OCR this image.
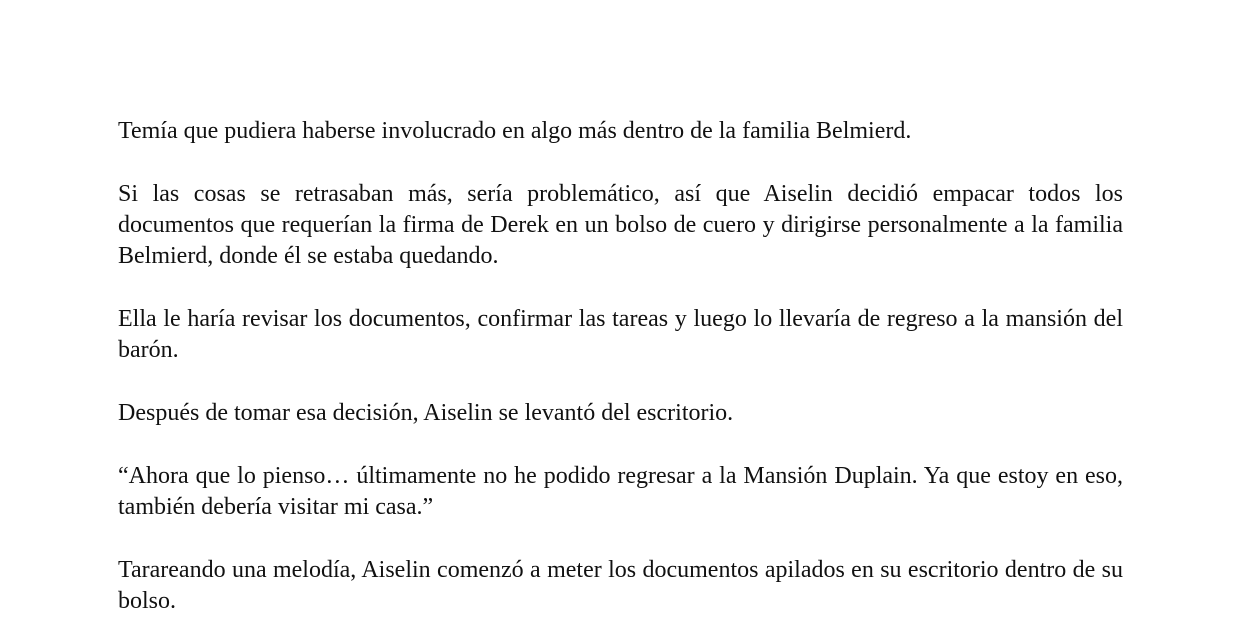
Temía que pudiera haberse involucrado en algo más dentro de la familia Belmierd.

Si las cosas se retrasaban más, sería problemático, así que Aiselin decidió empacar todos los documentos que requerían la firma de Derek en un bolso de cuero y dirigirse personalmente a la familia Belmierd, donde él se estaba quedando.

Ella le haría revisar los documentos, confirmar las tareas y luego lo llevaría de regreso a la mansión del barón.

Después de tomar esa decisión, Aiselin se levantó del escritorio.

“Ahora que lo pienso… últimamente no he podido regresar a la Mansión Duplain. Ya que estoy en eso, también debería visitar mi casa.”

Tarareando una melodía, Aiselin comenzó a meter los documentos apilados en su escritorio dentro de su bolso.
